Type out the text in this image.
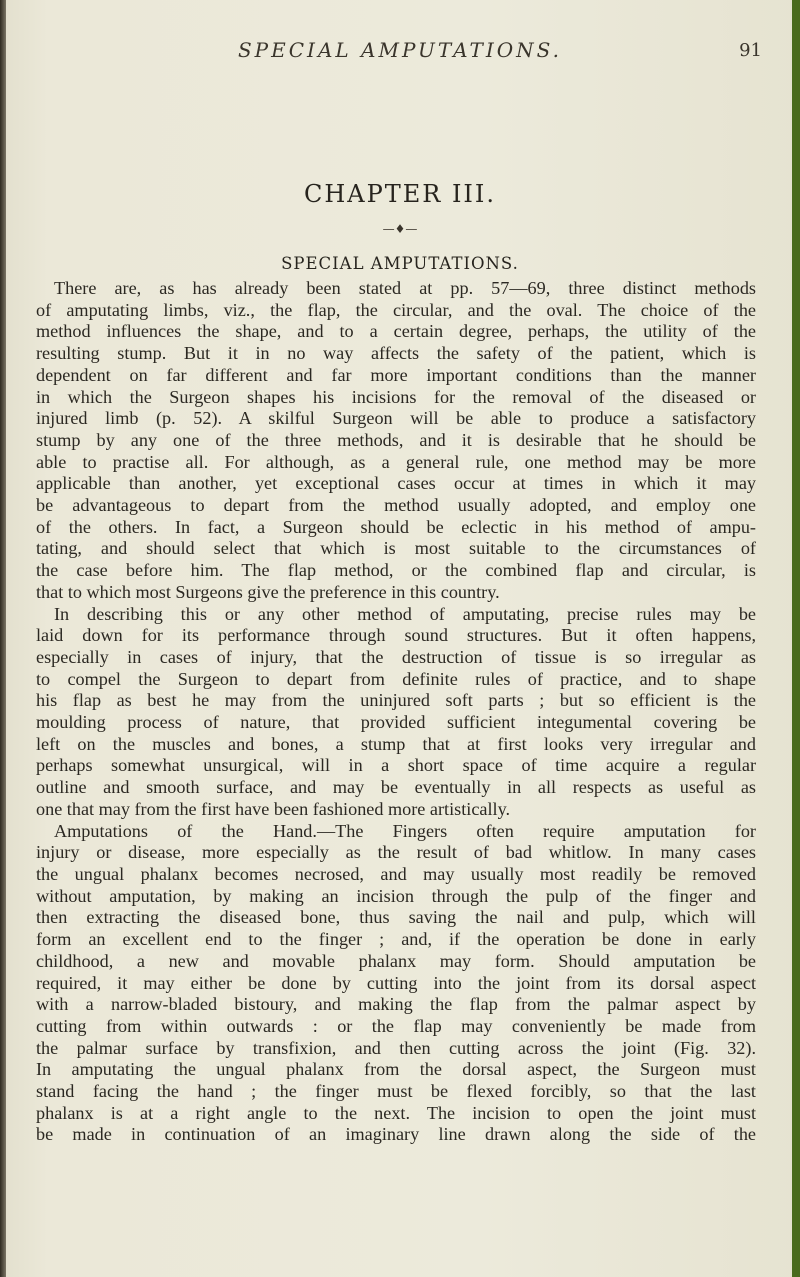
SPECIAL AMPUTATIONS.	91
CHAPTER III.
—♦—
SPECIAL AMPUTATIONS.
There are, as has already been stated at pp. 57—69, three distinct methods
of amputating limbs, viz., the flap, the circular, and the oval. The choice of the
method influences the shape, and to a certain degree, perhaps, the utility of the
resulting stump. But it in no way affects the safety of the patient, which is
dependent on far different and far more important conditions than the manner
in which the Surgeon shapes his incisions for the removal of the diseased or
injured limb (p. 52). A skilful Surgeon will be able to produce a satisfactory
stump by any one of the three methods, and it is desirable that he should be
able to practise all. For although, as a general rule, one method may be more
applicable than another, yet exceptional cases occur at times in which it may
be advantageous to depart from the method usually adopted, and employ one
of the others. In fact, a Surgeon should be eclectic in his method of ampu-
tating, and should select that which is most suitable to the circumstances of
the case before him. The flap method, or the combined flap and circular, is
that to which most Surgeons give the preference in this country.
In describing this or any other method of amputating, precise rules may be
laid down for its performance through sound structures. But it often happens,
especially in cases of injury, that the destruction of tissue is so irregular as
to compel the Surgeon to depart from definite rules of practice, and to shape
his flap as best he may from the uninjured soft parts ; but so efficient is the
moulding process of nature, that provided sufficient integumental covering be
left on the muscles and bones, a stump that at first looks very irregular and
perhaps somewhat unsurgical, will in a short space of time acquire a regular
outline and smooth surface, and may be eventually in all respects as useful as
one that may from the first have been fashioned more artistically.
Amputations of the Hand.—The Fingers often require amputation for
injury or disease, more especially as the result of bad whitlow. In many cases
the ungual phalanx becomes necrosed, and may usually most readily be removed
without amputation, by making an incision through the pulp of the finger and
then extracting the diseased bone, thus saving the nail and pulp, which will
form an excellent end to the finger ; and, if the operation be done in early
childhood, a new and movable phalanx may form. Should amputation be
required, it may either be done by cutting into the joint from its dorsal aspect
with a narrow-bladed bistoury, and making the flap from the palmar aspect by
cutting from within outwards : or the flap may conveniently be made from
the palmar surface by transfixion, and then cutting across the joint (Fig. 32).
In amputating the ungual phalanx from the dorsal aspect, the Surgeon must
stand facing the hand ; the finger must be flexed forcibly, so that the last
phalanx is at a right angle to the next. The incision to open the joint must
be made in continuation of an imaginary line drawn along the side of the
